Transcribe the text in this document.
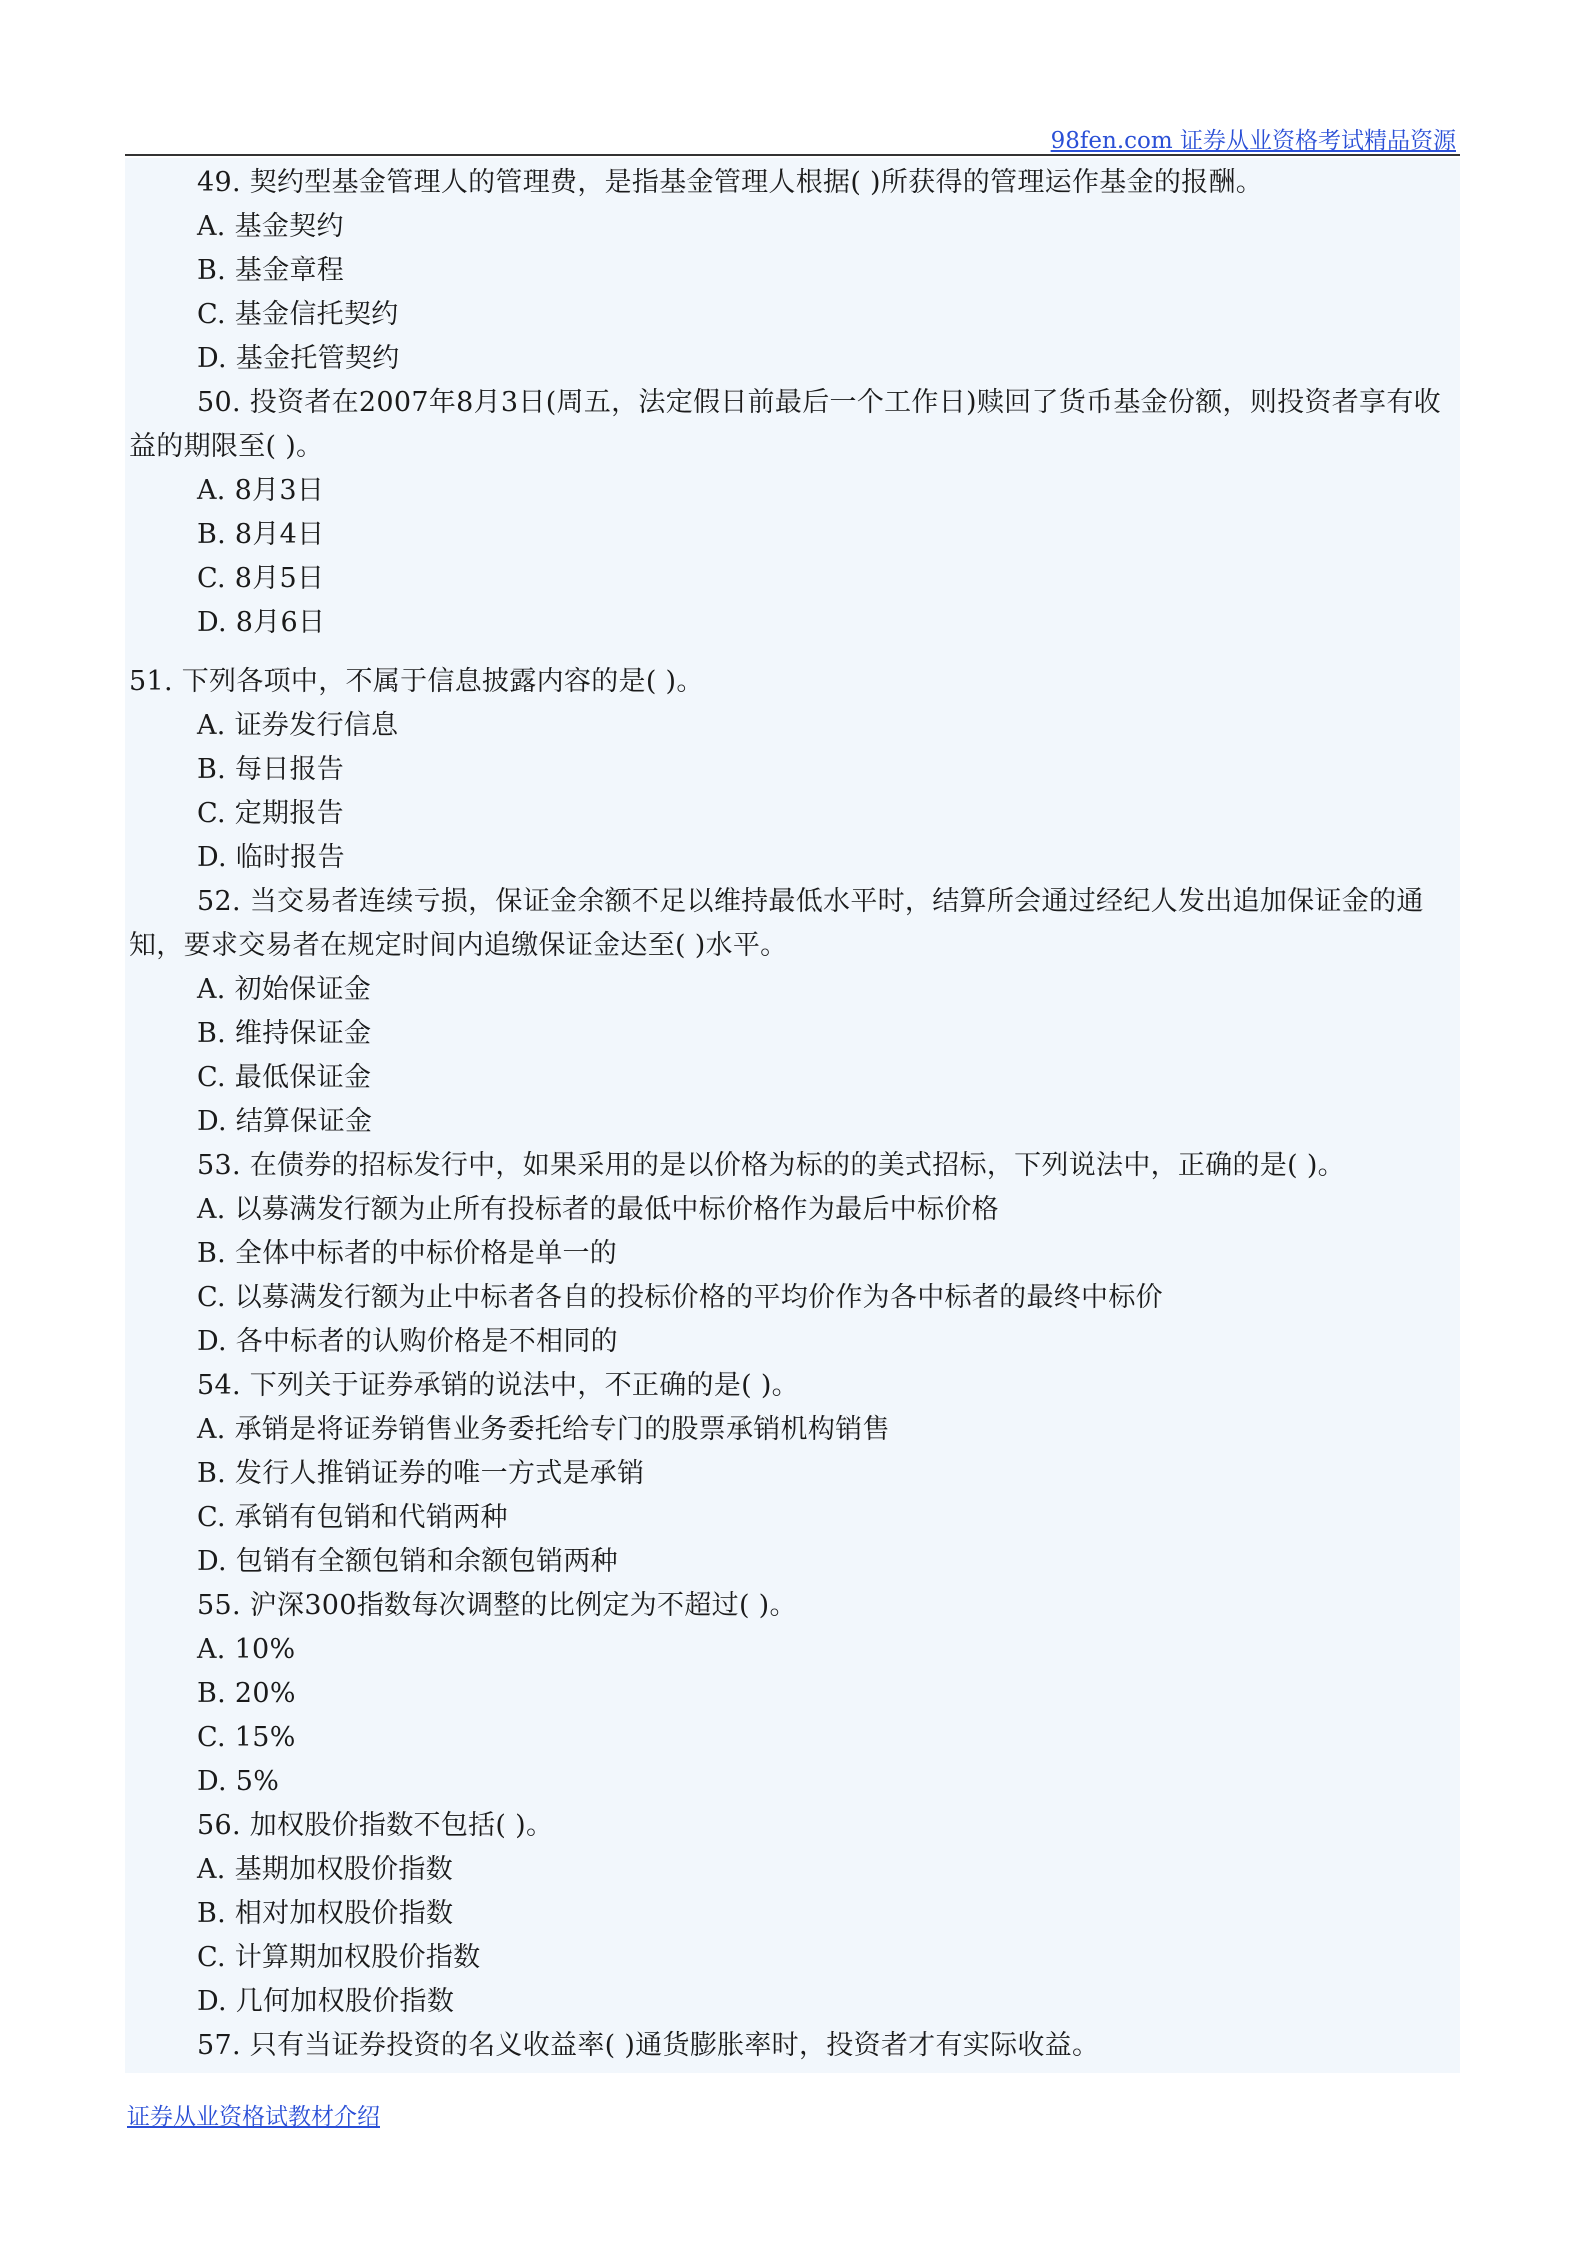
98fen.com 证券从业资格考试精品资源
49. 契约型基金管理人的管理费，是指基金管理人根据( )所获得的管理运作基金的报酬。
A. 基金契约
B. 基金章程
C. 基金信托契约
D. 基金托管契约
50. 投资者在2007年8月3日(周五，法定假日前最后一个工作日)赎回了货币基金份额，则投资者享有收
益的期限至( )。
A. 8月3日
B. 8月4日
C. 8月5日
D. 8月6日
51. 下列各项中，不属于信息披露内容的是( )。
A. 证券发行信息
B. 每日报告
C. 定期报告
D. 临时报告
52. 当交易者连续亏损，保证金余额不足以维持最低水平时，结算所会通过经纪人发出追加保证金的通
知，要求交易者在规定时间内追缴保证金达至( )水平。
A. 初始保证金
B. 维持保证金
C. 最低保证金
D. 结算保证金
53. 在债券的招标发行中，如果采用的是以价格为标的的美式招标，下列说法中，正确的是( )。
A. 以募满发行额为止所有投标者的最低中标价格作为最后中标价格
B. 全体中标者的中标价格是单一的
C. 以募满发行额为止中标者各自的投标价格的平均价作为各中标者的最终中标价
D. 各中标者的认购价格是不相同的
54. 下列关于证券承销的说法中，不正确的是( )。
A. 承销是将证券销售业务委托给专门的股票承销机构销售
B. 发行人推销证券的唯一方式是承销
C. 承销有包销和代销两种
D. 包销有全额包销和余额包销两种
55. 沪深300指数每次调整的比例定为不超过( )。
A. 10%
B. 20%
C. 15%
D. 5%
56. 加权股价指数不包括( )。
A. 基期加权股价指数
B. 相对加权股价指数
C. 计算期加权股价指数
D. 几何加权股价指数
57. 只有当证券投资的名义收益率( )通货膨胀率时，投资者才有实际收益。
证券从业资格试教材介绍
